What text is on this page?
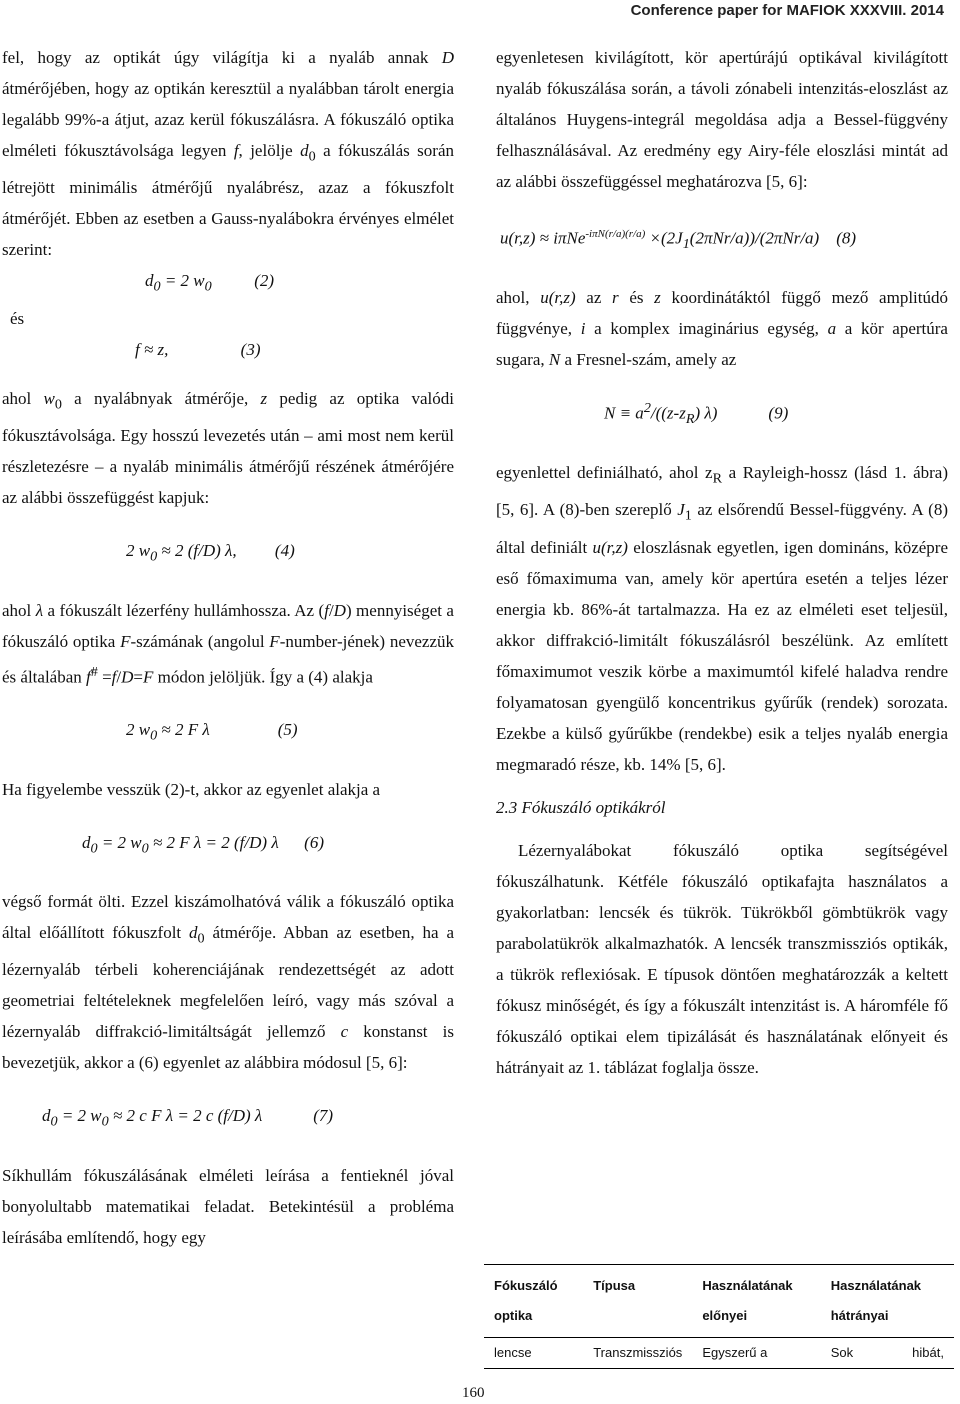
Conference paper for MAFIOK XXXVIII. 2014

fel, hogy az optikát úgy világítja ki a nyaláb annak D átmérőjében, hogy az optikán keresztül a nyalábban tárolt energia legalább 99%-a átjut, azaz kerül fókuszálásra. A fókuszáló optika elméleti fókusztávolsága legyen f, jelölje $d_0$ a fókuszálás során létrejött minimális átmérőjű nyalábrész, azaz a fókuszfolt átmérőjét. Ebben az esetben a Gauss-nyalábokra érvényes elmélet szerint:

$d_0 = 2$ $w_0$          (2)

és

f ≈ z,                 (3)

ahol $w_0$ a nyalábnyak átmérője, z pedig az optika valódi fókusztávolsága. Egy hosszú levezetés után – ami most nem kerül részletezésre – a nyaláb minimális átmérőjű részének átmérőjére az alábbi összefüggést kapjuk:

2 $w_0 \approx 2$ (f/D) λ,         (4)

ahol λ a fókuszált lézerfény hullámhossza. Az (f/D) mennyiséget a fókuszáló optika F-számának (angolul F-number-jének) nevezzük és általában f# =f/D=F módon jelöljük. Így a (4) alakja

2 $w_0 \approx 2$ F λ                (5)

Ha figyelembe vesszük (2)-t, akkor az egyenlet alakja a

$d_0 = 2$ $w_0 \approx 2$ F λ = 2 (f/D) λ      (6)

végső formát ölti. Ezzel kiszámolhatóvá válik a fókuszáló optika által előállított fókuszfolt $d_0$ átmérője. Abban az esetben, ha a lézernyaláb térbeli koherenciájának rendezettségét az adott geometriai feltételeknek megfelelően leíró, vagy más szóval a lézernyaláb diffrakció-limitáltságát jellemző c konstanst is bevezetjük, akkor a (6) egyenlet az alábbira módosul [5, 6]:

$d_0 = 2$ $w_0 \approx 2$ c F λ = 2 c (f/D) λ            (7)

Síkhullám fókuszálásának elméleti leírása a fentieknél jóval bonyolultabb matematikai feladat. Betekintésül a probléma leírásába említendő, hogy egy

egyenletesen kivilágított, kör apertúrájú optikával kivilágított nyaláb fókuszálása során, a távoli zónabeli intenzitás-eloszlást az általános Huygens-integrál megoldása adja a Bessel-függvény felhasználásával. Az eredmény egy Airy-féle eloszlási mintát ad az alábbi összefüggéssel meghatározva [5, 6]:

$u(r,z) \approx i\pi Ne^{-i\pi N(r/a)(r/a)} \times(2J_1(2\pi Nr/a))/(2\pi Nr/a)$    (8)

ahol, u(r,z) az r és z koordinátáktól függő mező amplitúdó függvénye, i a komplex imaginárius egység, a a kör apertúra sugara, N a Fresnel-szám, amely az

$N \equiv a^2/((z-z_R)$ λ)            (9)

egyenlettel definiálható, ahol $z_R$ a Rayleigh-hossz (lásd 1. ábra) [5, 6]. A (8)-ben szereplő $J_1$ az elsőrendű Bessel-függvény. A (8) által definiált u(r,z) eloszlásnak egyetlen, igen domináns, középre eső főmaximuma van, amely kör apertúra esetén a teljes lézer energia kb. 86%-át tartalmazza. Ha ez az elméleti eset teljesül, akkor diffrakció-limitált fókuszálásról beszélünk. Az említett főmaximumot veszik körbe a maximumtól kifelé haladva rendre folyamatosan gyengülő koncentrikus gyűrűk (rendek) sorozata. Ezekbe a külső gyűrűkbe (rendekbe) esik a teljes nyaláb energia megmaradó része, kb. 14% [5, 6].

2.3 Fókuszáló optikákról

Lézernyalábokat fókuszáló optika segítségével fókuszálhatunk. Kétféle fókuszáló optikafajta használatos a gyakorlatban: lencsék és tükrök. Tükrökből gömbtükrök vagy parabolatükrök alkalmazhatók. A lencsék transzmissziós optikák, a tükrök reflexiósak. E típusok döntően meghatározzák a keltett fókusz minőségét, és így a fókuszált intenzitást is. A háromféle fő fókuszáló optikai elem tipizálását és használatának előnyeit és hátrányait az 1. táblázat foglalja össze.

Fókuszáló optika	Típusa	Használatának előnyei	Használatának hátrányai
lencse	Transzmissziós	Egyszerű a	Sok hibát,
160
